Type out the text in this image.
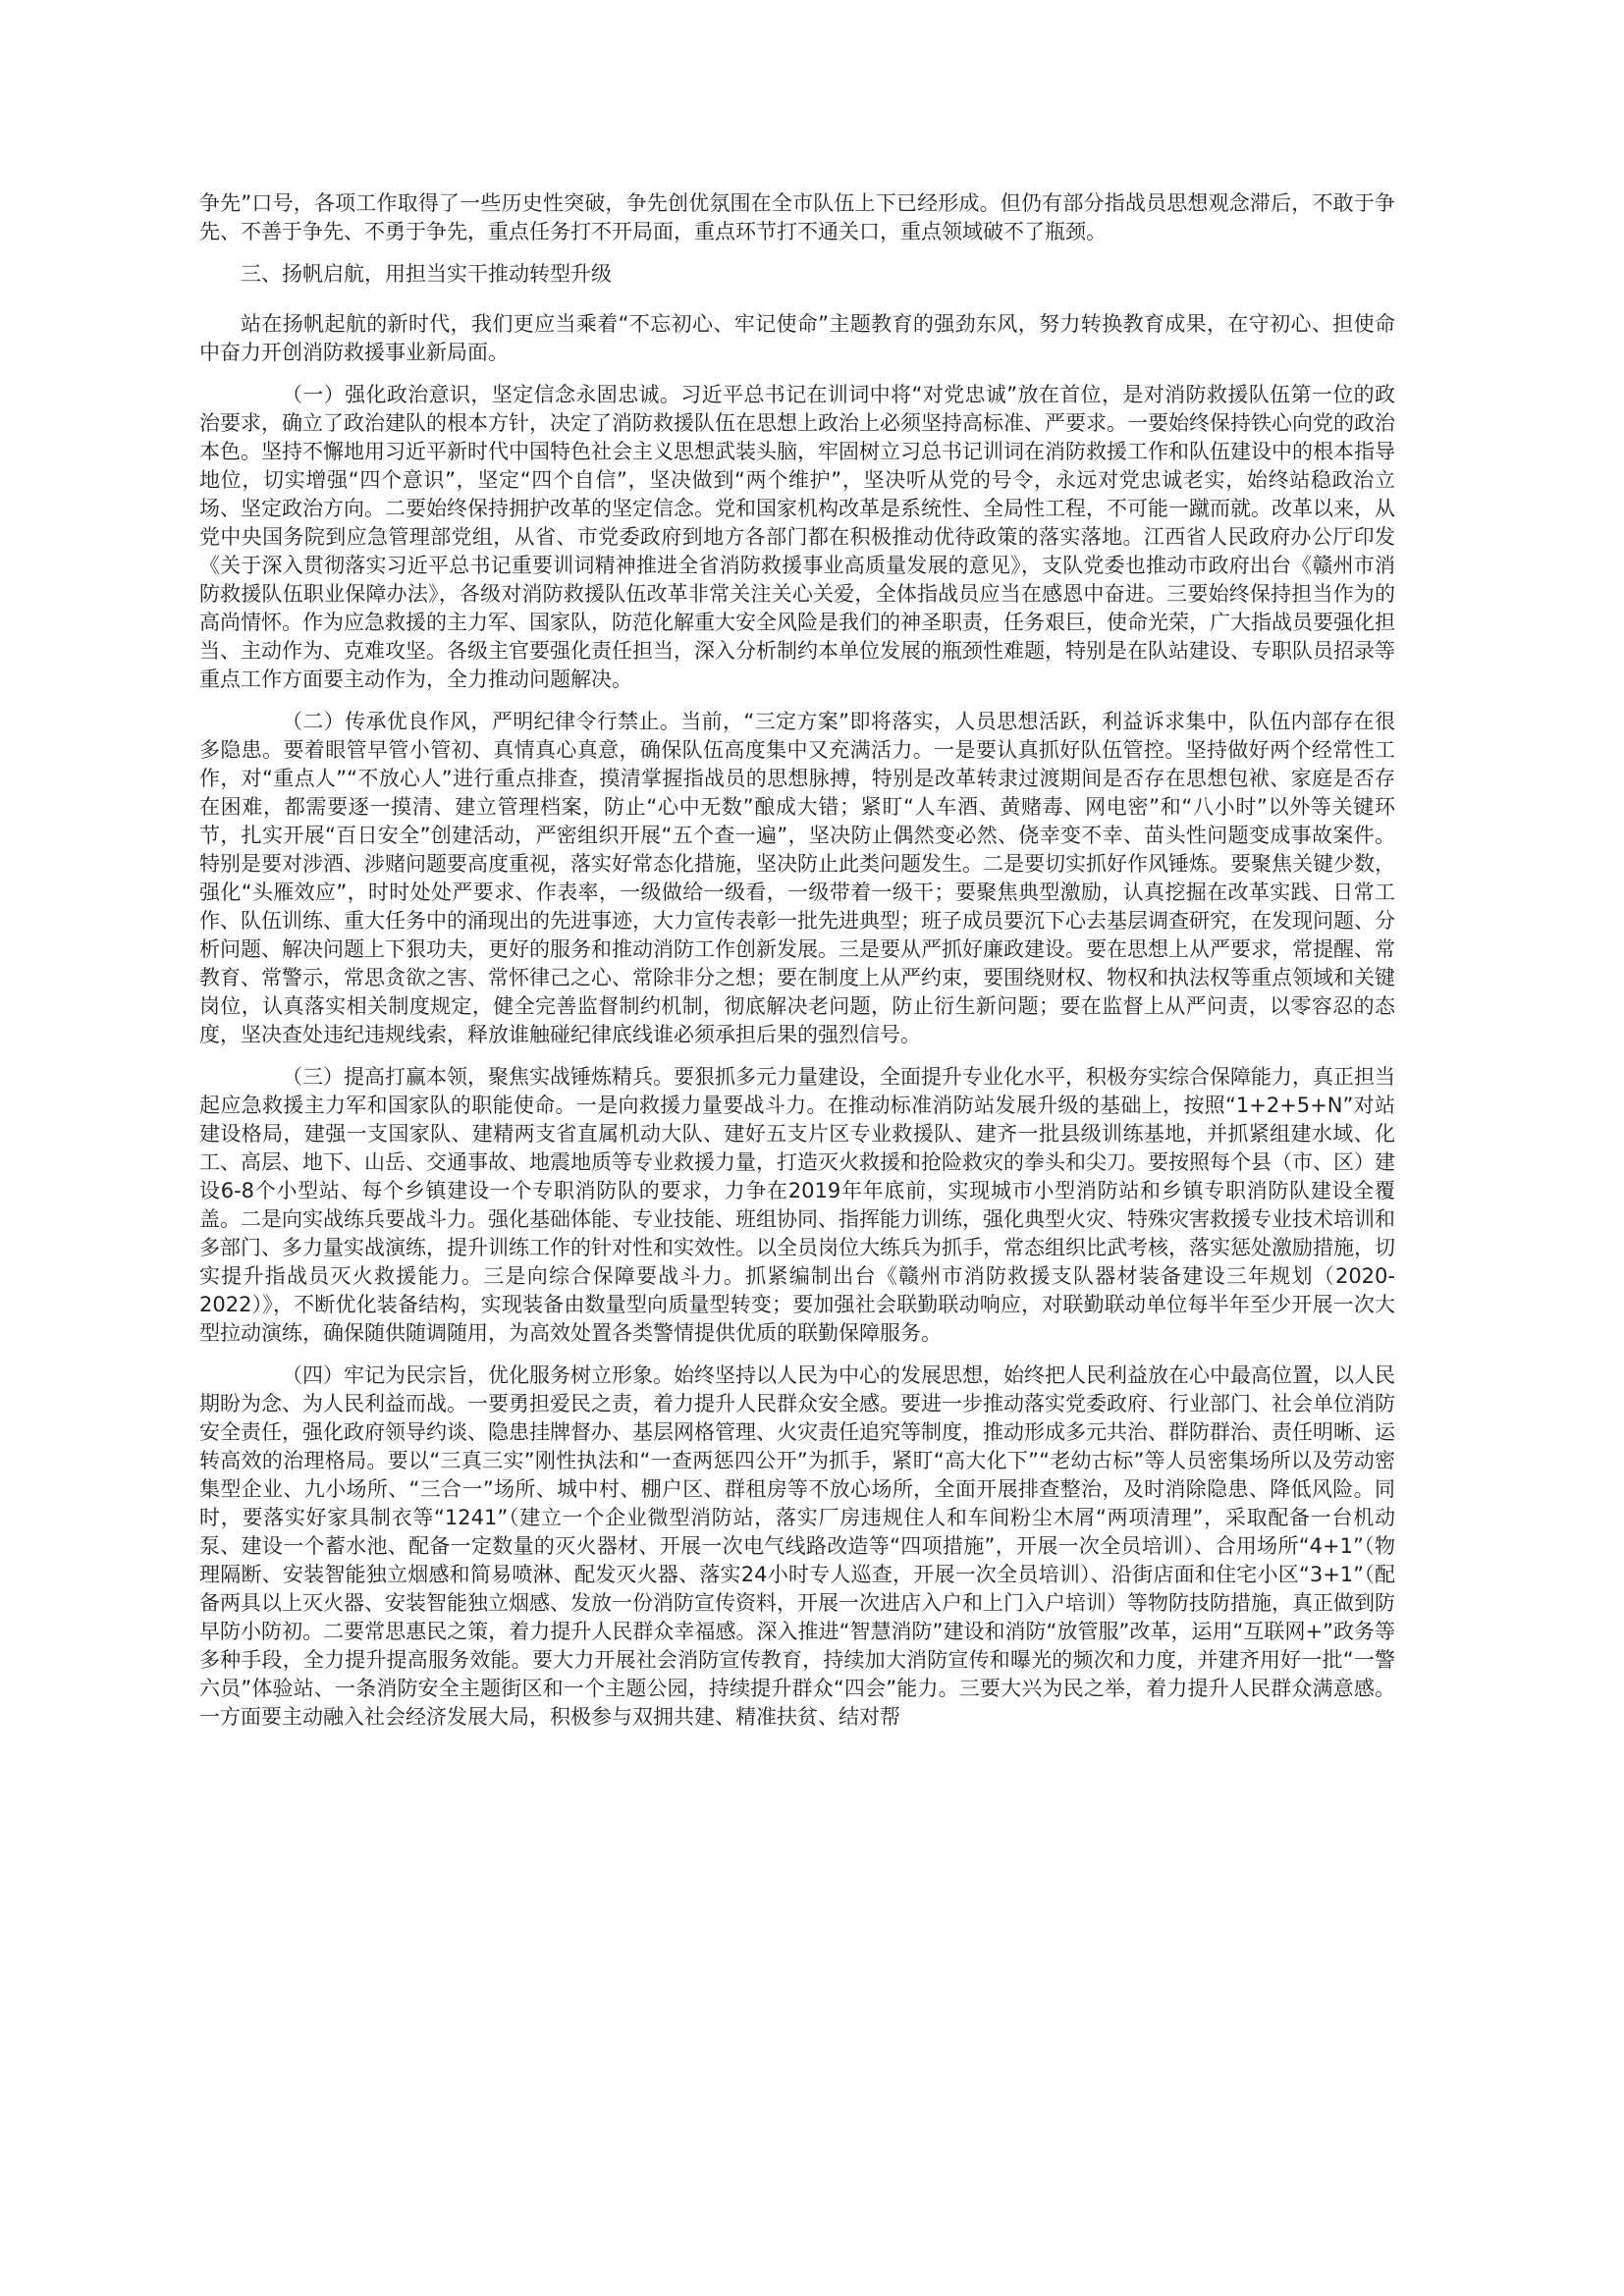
争先”口号，各项工作取得了一些历史性突破，争先创优氛围在全市队伍上下已经形成。但仍有部分指战员思想观念滞后，不敢于争先、不善于争先、不勇于争先，重点任务打不开局面，重点环节打不通关口，重点领域破不了瓶颈。

三、扬帆启航，用担当实干推动转型升级

站在扬帆起航的新时代，我们更应当乘着“不忘初心、牢记使命”主题教育的强劲东风，努力转换教育成果，在守初心、担使命中奋力开创消防救援事业新局面。

（一）强化政治意识，坚定信念永固忠诚。习近平总书记在训词中将“对党忠诚”放在首位，是对消防救援队伍第一位的政治要求，确立了政治建队的根本方针，决定了消防救援队伍在思想上政治上必须坚持高标准、严要求。一要始终保持铁心向党的政治本色。坚持不懈地用习近平新时代中国特色社会主义思想武装头脑，牢固树立习总书记训词在消防救援工作和队伍建设中的根本指导地位，切实增强“四个意识”，坚定“四个自信”，坚决做到“两个维护”，坚决听从党的号令，永远对党忠诚老实，始终站稳政治立场、坚定政治方向。二要始终保持拥护改革的坚定信念。党和国家机构改革是系统性、全局性工程，不可能一蹴而就。改革以来，从党中央国务院到应急管理部党组，从省、市党委政府到地方各部门都在积极推动优待政策的落实落地。江西省人民政府办公厅印发《关于深入贯彻落实习近平总书记重要训词精神推进全省消防救援事业高质量发展的意见》，支队党委也推动市政府出台《赣州市消防救援队伍职业保障办法》，各级对消防救援队伍改革非常关注关心关爱，全体指战员应当在感恩中奋进。三要始终保持担当作为的高尚情怀。作为应急救援的主力军、国家队，防范化解重大安全风险是我们的神圣职责，任务艰巨，使命光荣，广大指战员要强化担当、主动作为、克难攻坚。各级主官要强化责任担当，深入分析制约本单位发展的瓶颈性难题，特别是在队站建设、专职队员招录等重点工作方面要主动作为，全力推动问题解决。

（二）传承优良作风，严明纪律令行禁止。当前，“三定方案”即将落实，人员思想活跃，利益诉求集中，队伍内部存在很多隐患。要着眼管早管小管初、真情真心真意，确保队伍高度集中又充满活力。一是要认真抓好队伍管控。坚持做好两个经常性工作，对“重点人”“不放心人”进行重点排查，摸清掌握指战员的思想脉搏，特别是改革转隶过渡期间是否存在思想包袱、家庭是否存在困难，都需要逐一摸清、建立管理档案，防止“心中无数”酿成大错；紧盯“人车酒、黄赌毒、网电密”和“八小时”以外等关键环节，扎实开展“百日安全”创建活动，严密组织开展“五个查一遍”，坚决防止偶然变必然、侥幸变不幸、苗头性问题变成事故案件。特别是要对涉酒、涉赌问题要高度重视，落实好常态化措施，坚决防止此类问题发生。二是要切实抓好作风锤炼。要聚焦关键少数，强化“头雁效应”，时时处处严要求、作表率，一级做给一级看，一级带着一级干；要聚焦典型激励，认真挖掘在改革实践、日常工作、队伍训练、重大任务中的涌现出的先进事迹，大力宣传表彰一批先进典型；班子成员要沉下心去基层调查研究，在发现问题、分析问题、解决问题上下狠功夫，更好的服务和推动消防工作创新发展。三是要从严抓好廉政建设。要在思想上从严要求，常提醒、常教育、常警示，常思贪欲之害、常怀律己之心、常除非分之想；要在制度上从严约束，要围绕财权、物权和执法权等重点领域和关键岗位，认真落实相关制度规定，健全完善监督制约机制，彻底解决老问题，防止衍生新问题；要在监督上从严问责，以零容忍的态度，坚决查处违纪违规线索，释放谁触碰纪律底线谁必须承担后果的强烈信号。

（三）提高打赢本领，聚焦实战锤炼精兵。要狠抓多元力量建设，全面提升专业化水平，积极夯实综合保障能力，真正担当起应急救援主力军和国家队的职能使命。一是向救援力量要战斗力。在推动标准消防站发展升级的基础上，按照“1+2+5+N”对站建设格局，建强一支国家队、建精两支省直属机动大队、建好五支片区专业救援队、建齐一批县级训练基地，并抓紧组建水域、化工、高层、地下、山岳、交通事故、地震地质等专业救援力量，打造灭火救援和抢险救灾的拳头和尖刀。要按照每个县（市、区）建设6-8个小型站、每个乡镇建设一个专职消防队的要求，力争在2019年年底前，实现城市小型消防站和乡镇专职消防队建设全覆盖。二是向实战练兵要战斗力。强化基础体能、专业技能、班组协同、指挥能力训练，强化典型火灾、特殊灾害救援专业技术培训和多部门、多力量实战演练，提升训练工作的针对性和实效性。以全员岗位大练兵为抓手，常态组织比武考核，落实惩处激励措施，切实提升指战员灭火救援能力。三是向综合保障要战斗力。抓紧编制出台《赣州市消防救援支队器材装备建设三年规划（2020-2022）》，不断优化装备结构，实现装备由数量型向质量型转变；要加强社会联勤联动响应，对联勤联动单位每半年至少开展一次大型拉动演练，确保随供随调随用，为高效处置各类警情提供优质的联勤保障服务。

（四）牢记为民宗旨，优化服务树立形象。始终坚持以人民为中心的发展思想，始终把人民利益放在心中最高位置，以人民期盼为念、为人民利益而战。一要勇担爱民之责，着力提升人民群众安全感。要进一步推动落实党委政府、行业部门、社会单位消防安全责任，强化政府领导约谈、隐患挂牌督办、基层网格管理、火灾责任追究等制度，推动形成多元共治、群防群治、责任明晰、运转高效的治理格局。要以“三真三实”刚性执法和“一查两惩四公开”为抓手，紧盯“高大化下”“老幼古标”等人员密集场所以及劳动密集型企业、九小场所、“三合一”场所、城中村、棚户区、群租房等不放心场所，全面开展排查整治，及时消除隐患、降低风险。同时，要落实好家具制衣等“1241”（建立一个企业微型消防站，落实厂房违规住人和车间粉尘木屑“两项清理”，采取配备一台机动泵、建设一个蓄水池、配备一定数量的灭火器材、开展一次电气线路改造等“四项措施”，开展一次全员培训）、合用场所“4+1”（物理隔断、安装智能独立烟感和简易喷淋、配发灭火器、落实24小时专人巡查，开展一次全员培训）、沿街店面和住宅小区“3+1”（配备两具以上灭火器、安装智能独立烟感、发放一份消防宣传资料，开展一次进店入户和上门入户培训）等物防技防措施，真正做到防早防小防初。二要常思惠民之策，着力提升人民群众幸福感。深入推进“智慧消防”建设和消防“放管服”改革，运用“互联网+”政务等多种手段，全力提升提高服务效能。要大力开展社会消防宣传教育，持续加大消防宣传和曝光的频次和力度，并建齐用好一批“一警六员”体验站、一条消防安全主题街区和一个主题公园，持续提升群众“四会”能力。三要大兴为民之举，着力提升人民群众满意感。一方面要主动融入社会经济发展大局，积极参与双拥共建、精准扶贫、结对帮
